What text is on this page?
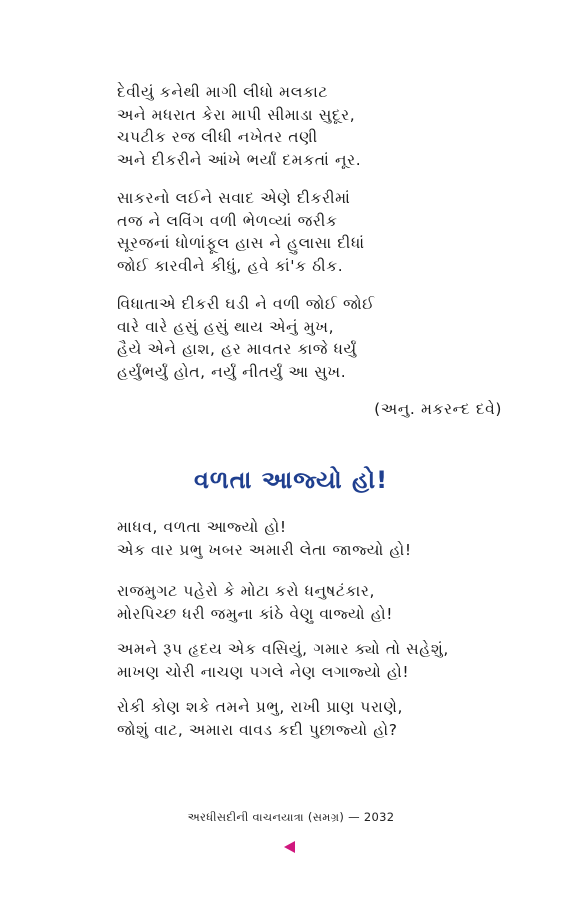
દેવીયું કનેથી માગી લીધો મલકાટ
અને મધરાત કેરા માપી સીમાડા સુદૂર,
ચપટીક રજ લીધી નખેતર તણી
અને દીકરીને આંખે ભર્યાં દમકતાં નૂર.
સાકરનો લઈને સવાદ એણે દીકરીમાં
તજ ને લવિંગ વળી ભેળવ્યાં જરીક
સૂરજનાં ધોળાંફૂલ હાસ ને હુલાસા દીધાં
જોઈ કારવીને કીધું, હવે કાં'ક ઠીક.
વિધાતાએ દીકરી ઘડી ને વળી જોઈ જોઈ
વારે વારે હસું હસું થાય એનું મુખ,
હૈયે એને હાશ, હર માવતર કાજે ધર્યું
હર્યુંભર્યું હોત, નર્યું નીતર્યું આ સુખ.
(અનુ. મકરન્દ દવે)
વળતા આજ્યો હો!
માધવ, વળતા આજ્યો હો!
એક વાર પ્રભુ ખબર અમારી લેતા જાજ્યો હો!
રાજમુગટ પહેરો કે મોટા કરો ધનુષટંકાર,
મોરપિચ્છ ધરી જમુના કાંઠે વેણુ વાજ્યો હો!
અમને રૂપ હૃદય એક વસિયું, ગમાર ક્યો તો સહેશું,
માખણ ચોરી નાચણ પગલે નેણ લગાજ્યો હો!
રોકી કોણ શકે તમને પ્રભુ, રાખી પ્રાણ પરાણે,
જોશું વાટ, અમારા વાવડ કદી પુછાજ્યો હો?
અરધીસદીની વાચનયાત્રા (સમગ્ર) — 2032
